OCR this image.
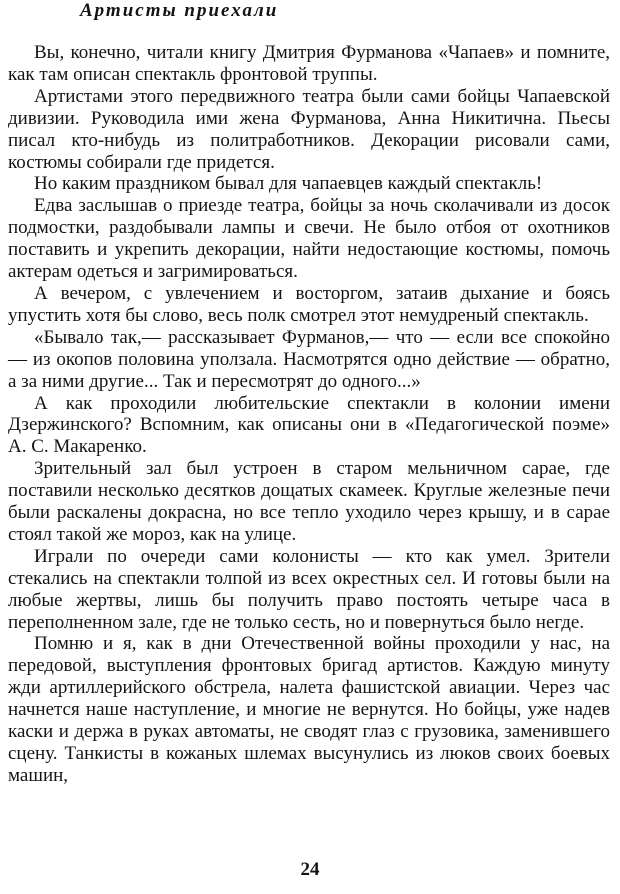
Артисты приехали

Вы, конечно, читали книгу Дмитрия Фурманова «Чапаев» и помните, как там описан спектакль фронтовой труппы.

Артистами этого передвижного театра были сами бойцы Чапаевской дивизии. Руководила ими жена Фурманова, Анна Никитична. Пьесы писал кто-нибудь из политработников. Декорации рисовали сами, костюмы собирали где придется.

Но каким праздником бывал для чапаевцев каждый спектакль!

Едва заслышав о приезде театра, бойцы за ночь сколачивали из досок подмостки, раздобывали лампы и свечи. Не было отбоя от охотников поставить и укрепить декорации, найти недостающие костюмы, помочь актерам одеться и загримироваться.

А вечером, с увлечением и восторгом, затаив дыхание и боясь упустить хотя бы слово, весь полк смотрел этот немудреный спектакль.

«Бывало так,— рассказывает Фурманов,— что — если все спокойно — из окопов половина уползала. Насмотрятся одно действие — обратно, а за ними другие... Так и пересмотрят до одного...»

А как проходили любительские спектакли в колонии имени Дзержинского? Вспомним, как описаны они в «Педагогической поэме» А. С. Макаренко.

Зрительный зал был устроен в старом мельничном сарае, где поставили несколько десятков дощатых скамеек. Круглые железные печи были раскалены докрасна, но все тепло уходило через крышу, и в сарае стоял такой же мороз, как на улице.

Играли по очереди сами колонисты — кто как умел. Зрители стекались на спектакли толпой из всех окрестных сел. И готовы были на любые жертвы, лишь бы получить право постоять четыре часа в переполненном зале, где не только сесть, но и повернуться было негде.

Помню и я, как в дни Отечественной войны проходили у нас, на передовой, выступления фронтовых бригад артистов. Каждую минуту жди артиллерийского обстрела, налета фашистской авиации. Через час начнется наше наступление, и многие не вернутся. Но бойцы, уже надев каски и держа в руках автоматы, не сводят глаз с грузовика, заменившего сцену. Танкисты в кожаных шлемах высунулись из люков своих боевых машин,

24
